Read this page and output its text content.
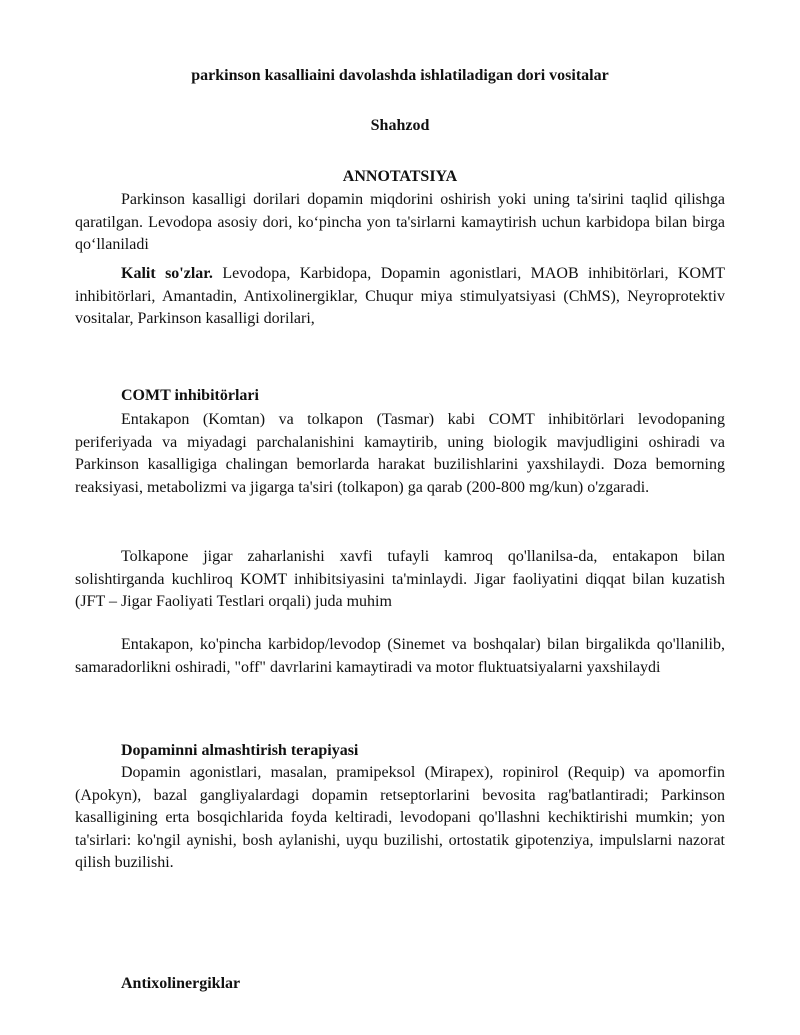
parkinson kasalliaini davolashda ishlatiladigan dori vositalar
Shahzod
ANNOTATSIYA

Parkinson kasalligi dorilari dopamin miqdorini oshirish yoki uning ta'sirini taqlid qilishga qaratilgan. Levodopa asosiy dori, ko‘pincha yon ta'sirlarni kamaytirish uchun karbidopa bilan birga qo‘llaniladi

Kalit so'zlar. Levodopa, Karbidopa, Dopamin agonistlari, MAOB inhibitörlari, KOMT inhibitörlari, Amantadin, Antixolinergiklar, Chuqur miya stimulyatsiyasi (ChMS), Neyroprotektiv vositalar, Parkinson kasalligi dorilari,

COMT inhibitörlari

Entakapon (Komtan) va tolkapon (Tasmar) kabi COMT inhibitörlari levodopaning periferiyada va miyadagi parchalanishini kamaytirib, uning biologik mavjudligini oshiradi va Parkinson kasalligiga chalingan bemorlarda harakat buzilishlarini yaxshilaydi. Doza bemorning reaksiyasi, metabolizmi va jigarga ta'siri (tolkapon) ga qarab (200-800 mg/kun) o'zgaradi.

Tolkapone jigar zaharlanishi xavfi tufayli kamroq qo'llanilsa-da, entakapon bilan solishtirganda kuchliroq KOMT inhibitsiyasini ta'minlaydi. Jigar faoliyatini diqqat bilan kuzatish (JFT – Jigar Faoliyati Testlari orqali) juda muhim

Entakapon, ko'pincha karbidop/levodop (Sinemet va boshqalar) bilan birgalikda qo'llanilib, samaradorlikni oshiradi, "off" davrlarini kamaytiradi va motor fluktuatsiyalarni yaxshilaydi

Dopaminni almashtirish terapiyasi

Dopamin agonistlari, masalan, pramipeksol (Mirapex), ropinirol (Requip) va apomorfin (Apokyn), bazal gangliyalardagi dopamin retseptorlarini bevosita rag'batlantiradi; Parkinson kasalligining erta bosqichlarida foyda keltiradi, levodopani qo'llashni kechiktirishi mumkin; yon ta'sirlari: ko'ngil aynishi, bosh aylanishi, uyqu buzilishi, ortostatik gipotenziya, impulslarni nazorat qilish buzilishi.

Antixolinergiklar
